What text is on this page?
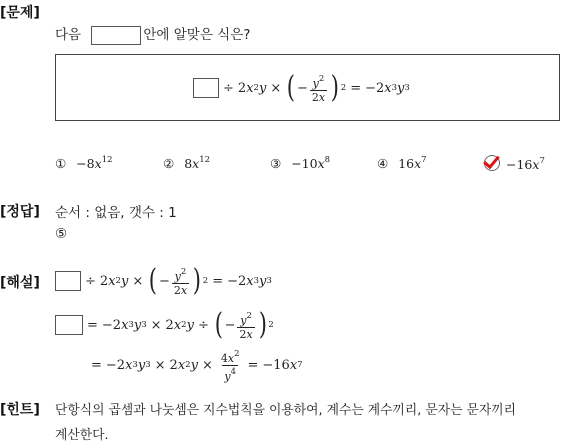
[문제]
다음	안에 알맞은 식은?
÷ 2 x 2 y × ( − $\frac{y^2}{2x}$ ) 2 = −2 x 3 y 3
① $-8x^{12}$	② $8x^{12}$	③ $-10x^8$	④ $16x^7$	$-16x^7$
[정답] 순서 : 없음, 갯수 : 1
⑤
[해설]	÷ 2 x 2 y × ( − $\frac{y^2}{2x}$ ) 2 = −2 x 3 y 3
= −2 x 3 y 3 × 2 x 2 y ÷ ( − $\frac{y^2}{2x}$ ) 2
= −2 x 3 y 3 × 2 x 2 $y \times \frac{4x^2}{y^4} = -16$ x 7
[힌트] 단항식의 곱셈과 나눗셈은 지수법칙을 이용하여, 계수는 계수끼리, 문자는 문자끼리
계산한다.
